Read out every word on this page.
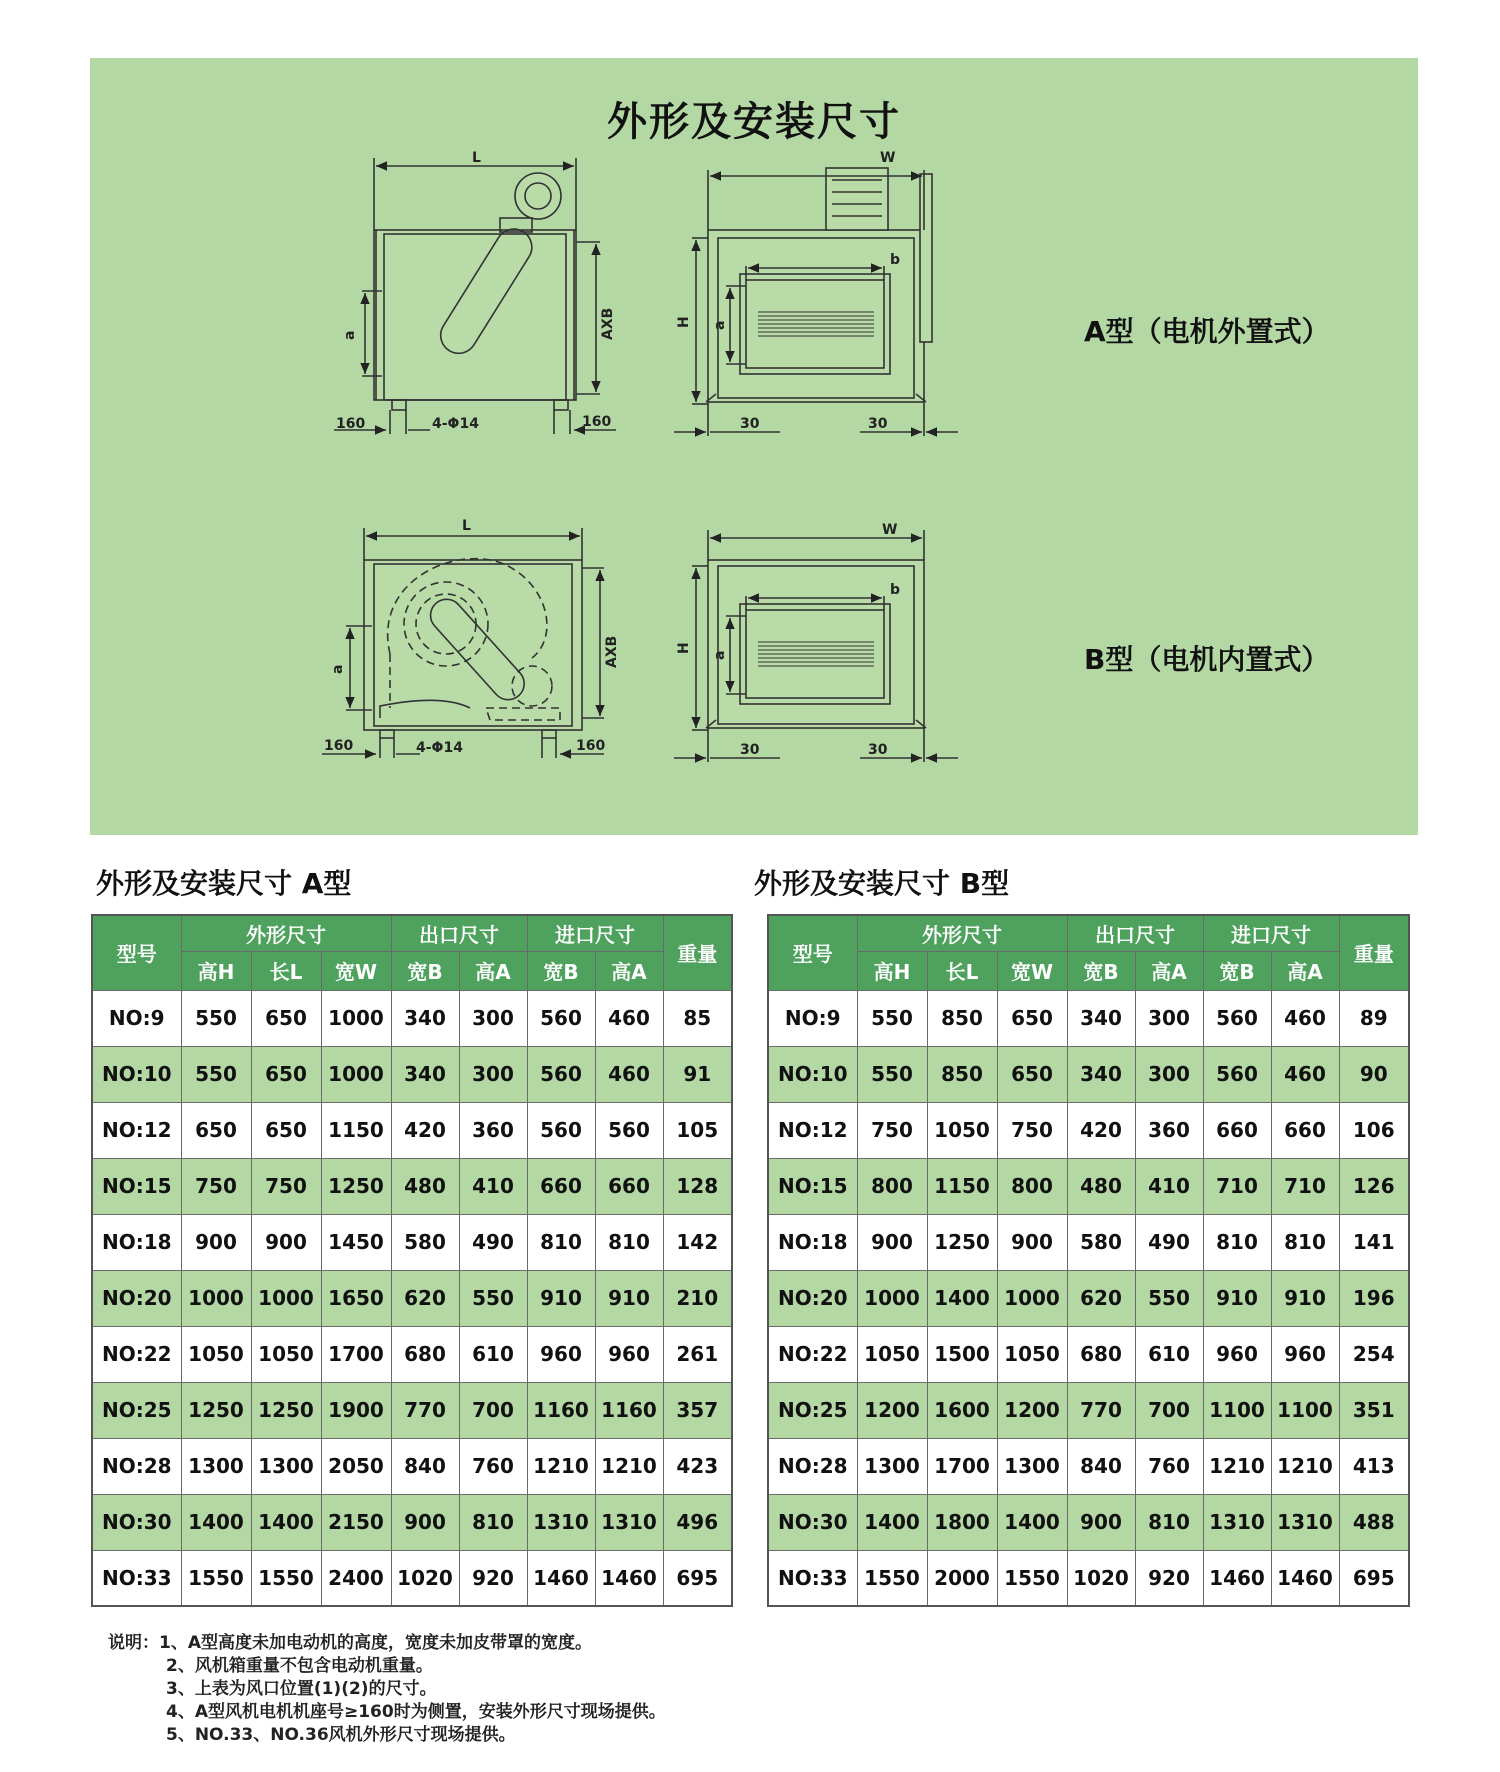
外形及安装尺寸
L
a	AXB
160	4-Φ14	160
W
b
H a
30	30
L
a
AXB
160	4-Φ14	160
W
b
H
a
30	30
A型（电机外置式）
B型（电机内置式）
外形及安装尺寸 A型	外形及安装尺寸 B型
型号	外形尺寸			出口尺寸		进口尺寸		重量
	高H	长L	宽W	宽B	高A	宽B	高A	
NO:9	550	650	1000	340	300	560	460	85
NO:10	550	650	1000	340	300	560	460	91
NO:12	650	650	1150	420	360	560	560	105
NO:15	750	750	1250	480	410	660	660	128
NO:18	900	900	1450	580	490	810	810	142
NO:20	1000	1000	1650	620	550	910	910	210
NO:22	1050	1050	1700	680	610	960	960	261
NO:25	1250	1250	1900	770	700	1160	1160	357
NO:28	1300	1300	2050	840	760	1210	1210	423
NO:30	1400	1400	2150	900	810	1310	1310	496
NO:33	1550	1550	2400	1020	920	1460	1460	695
型号	外形尺寸			出口尺寸		进口尺寸		重量
	高H	长L	宽W	宽B	高A	宽B	高A	
NO:9	550	850	650	340	300	560	460	89
NO:10	550	850	650	340	300	560	460	90
NO:12	750	1050	750	420	360	660	660	106
NO:15	800	1150	800	480	410	710	710	126
NO:18	900	1250	900	580	490	810	810	141
NO:20	1000	1400	1000	620	550	910	910	196
NO:22	1050	1500	1050	680	610	960	960	254
NO:25	1200	1600	1200	770	700	1100	1100	351
NO:28	1300	1700	1300	840	760	1210	1210	413
NO:30	1400	1800	1400	900	810	1310	1310	488
NO:33	1550	2000	1550	1020	920	1460	1460	695
说明：1、A型高度未加电动机的高度，宽度未加皮带罩的宽度。
2、风机箱重量不包含电动机重量。
3、上表为风口位置(1)(2)的尺寸。
4、A型风机电机机座号≥160时为侧置，安装外形尺寸现场提供。
5、NO.33、NO.36风机外形尺寸现场提供。
